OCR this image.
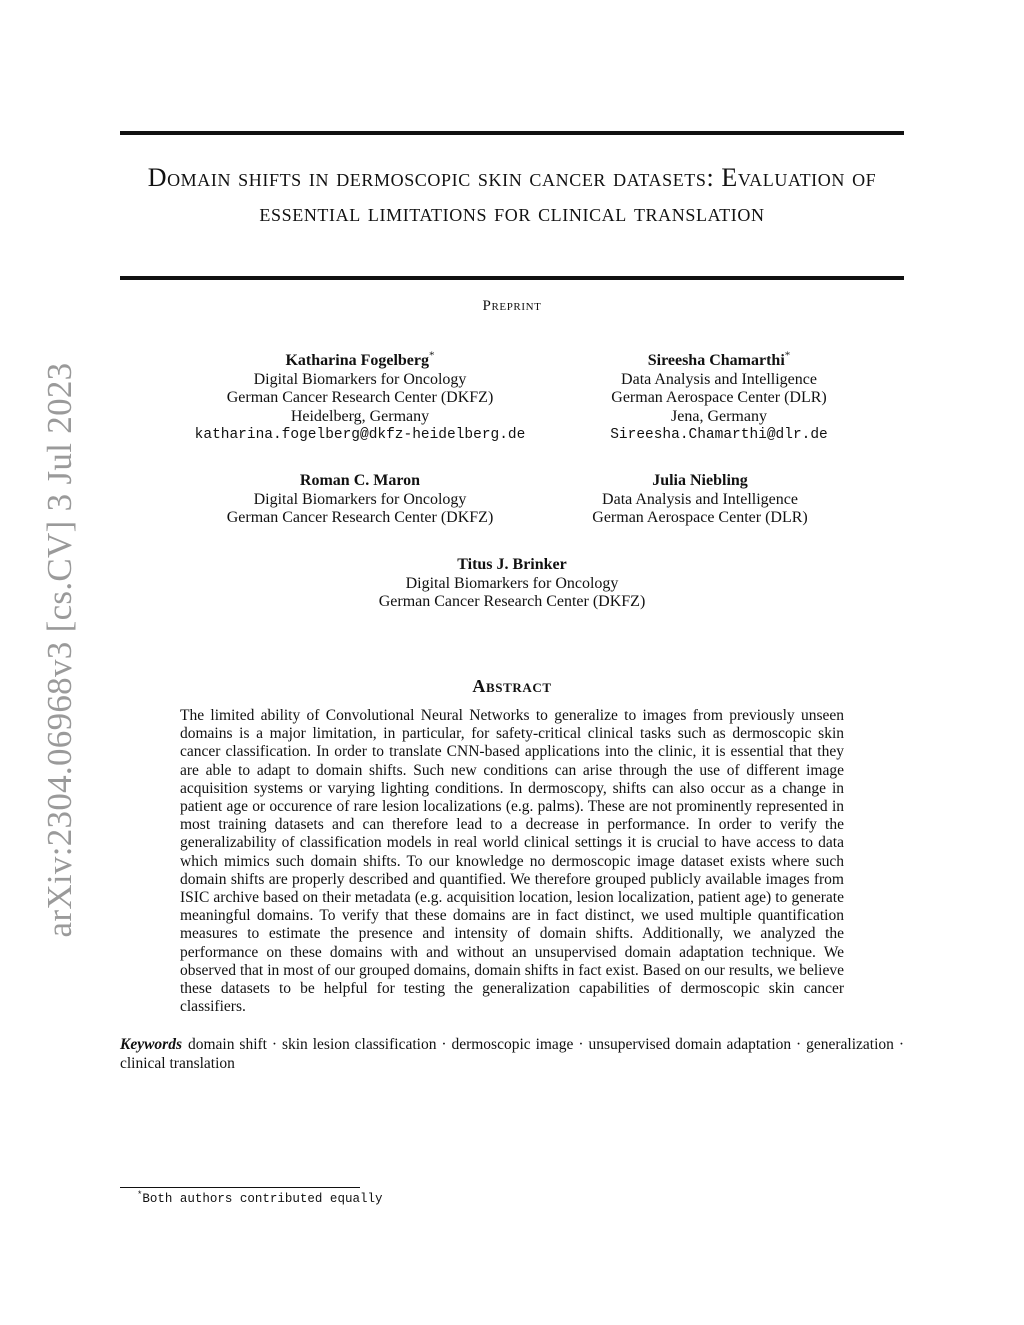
arXiv:2304.06968v3 [cs.CV] 3 Jul 2023
Domain shifts in dermoscopic skin cancer datasets: Evaluation of essential limitations for clinical translation
Preprint
Katharina Fogelberg*
Digital Biomarkers for Oncology
German Cancer Research Center (DKFZ)
Heidelberg, Germany
katharina.fogelberg@dkfz-heidelberg.de
Sireesha Chamarthi*
Data Analysis and Intelligence
German Aerospace Center (DLR)
Jena, Germany
Sireesha.Chamarthi@dlr.de
Roman C. Maron
Digital Biomarkers for Oncology
German Cancer Research Center (DKFZ)
Julia Niebling
Data Analysis and Intelligence
German Aerospace Center (DLR)
Titus J. Brinker
Digital Biomarkers for Oncology
German Cancer Research Center (DKFZ)
Abstract

The limited ability of Convolutional Neural Networks to generalize to images from previously unseen domains is a major limitation, in particular, for safety-critical clinical tasks such as dermoscopic skin cancer classification. In order to translate CNN-based applications into the clinic, it is essential that they are able to adapt to domain shifts. Such new conditions can arise through the use of different image acquisition systems or varying lighting conditions. In dermoscopy, shifts can also occur as a change in patient age or occurence of rare lesion localizations (e.g. palms). These are not prominently represented in most training datasets and can therefore lead to a decrease in performance. In order to verify the generalizability of classification models in real world clinical settings it is crucial to have access to data which mimics such domain shifts. To our knowledge no dermoscopic image dataset exists where such domain shifts are properly described and quantified. We therefore grouped publicly available images from ISIC archive based on their metadata (e.g. acquisition location, lesion localization, patient age) to generate meaningful domains. To verify that these domains are in fact distinct, we used multiple quantification measures to estimate the presence and intensity of domain shifts. Additionally, we analyzed the performance on these domains with and without an unsupervised domain adaptation technique. We observed that in most of our grouped domains, domain shifts in fact exist. Based on our results, we believe these datasets to be helpful for testing the generalization capabilities of dermoscopic skin cancer classifiers.

Keywords domain shift · skin lesion classification · dermoscopic image · unsupervised domain adaptation · generalization · clinical translation

*Both authors contributed equally
